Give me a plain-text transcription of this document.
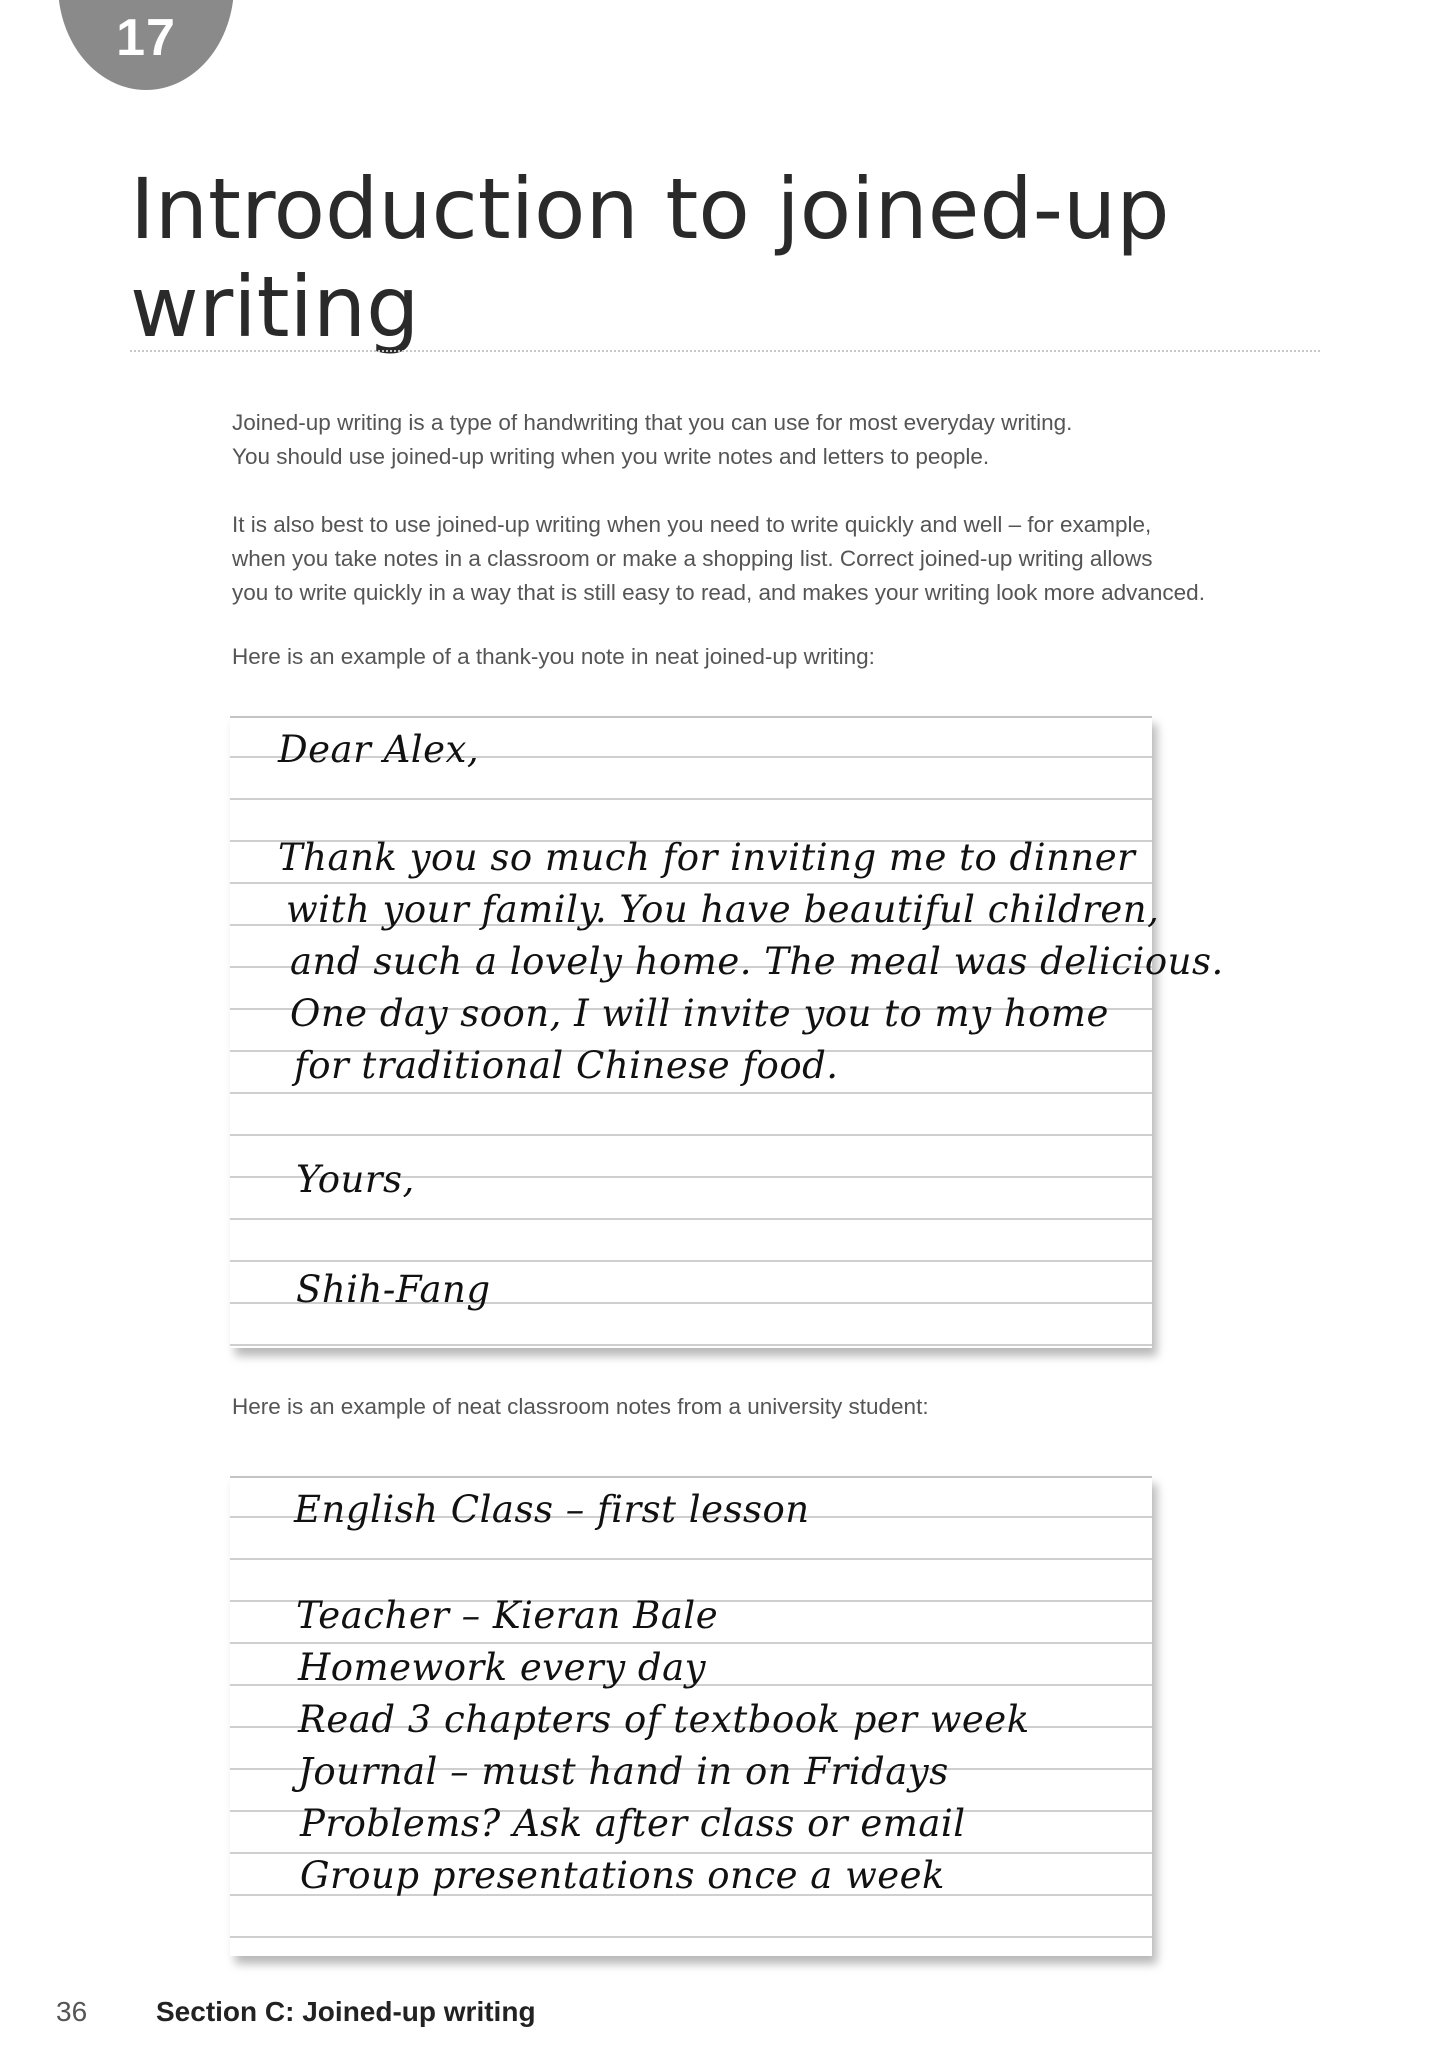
17
Introduction to joined-up writing

Joined-up writing is a type of handwriting that you can use for most everyday writing.

You should use joined-up writing when you write notes and letters to people.

It is also best to use joined-up writing when you need to write quickly and well – for example,

when you take notes in a classroom or make a shopping list. Correct joined-up writing allows

you to write quickly in a way that is still easy to read, and makes your writing look more advanced.

Here is an example of a thank-you note in neat joined-up writing:

Dear Alex,

Thank you so much for inviting me to dinner

with your family. You have beautiful children,

and such a lovely home. The meal was delicious.

One day soon, I will invite you to my home

for traditional Chinese food.

Yours,

Shih-Fang

Here is an example of neat classroom notes from a university student:

English Class – first lesson

Teacher – Kieran Bale

Homework every day

Read 3 chapters of textbook per week

Journal – must hand in on Fridays

Problems? Ask after class or email

Group presentations once a week

36 Section C: Joined-up writing
